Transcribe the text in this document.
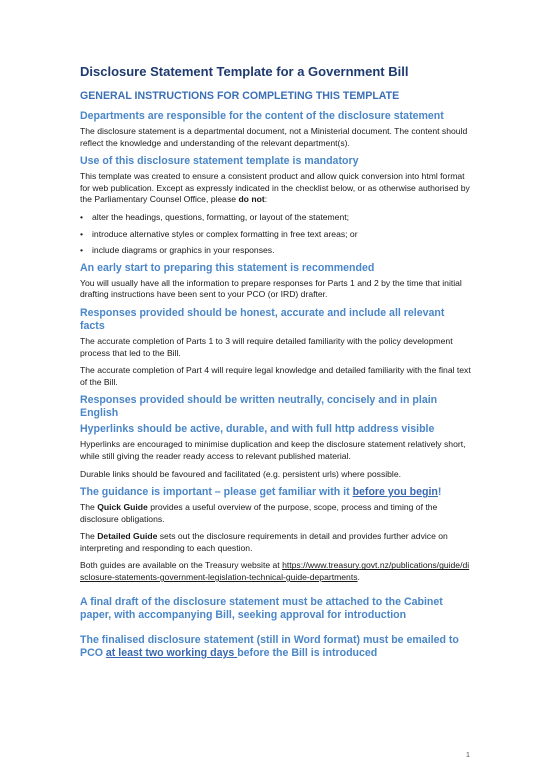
Disclosure Statement Template for a Government Bill
GENERAL INSTRUCTIONS FOR COMPLETING THIS TEMPLATE
Departments are responsible for the content of the disclosure statement

The disclosure statement is a departmental document, not a Ministerial document. The content should reflect the knowledge and understanding of the relevant department(s).

Use of this disclosure statement template is mandatory

This template was created to ensure a consistent product and allow quick conversion into html format for web publication. Except as expressly indicated in the checklist below, or as otherwise authorised by the Parliamentary Counsel Office, please do not:

• alter the headings, questions, formatting, or layout of the statement;
• introduce alternative styles or complex formatting in free text areas; or
• include diagrams or graphics in your responses.
An early start to preparing this statement is recommended

You will usually have all the information to prepare responses for Parts 1 and 2 by the time that initial drafting instructions have been sent to your PCO (or IRD) drafter.

Responses provided should be honest, accurate and include all relevant facts

The accurate completion of Parts 1 to 3 will require detailed familiarity with the policy development process that led to the Bill.

The accurate completion of Part 4 will require legal knowledge and detailed familiarity with the final text of the Bill.

Responses provided should be written neutrally, concisely and in plain English
Hyperlinks should be active, durable, and with full http address visible

Hyperlinks are encouraged to minimise duplication and keep the disclosure statement relatively short, while still giving the reader ready access to relevant published material.

Durable links should be favoured and facilitated (e.g. persistent urls) where possible.

The guidance is important – please get familiar with it before you begin!

The Quick Guide provides a useful overview of the purpose, scope, process and timing of the disclosure obligations.

The Detailed Guide sets out the disclosure requirements in detail and provides further advice on interpreting and responding to each question.

Both guides are available on the Treasury website at https://www.treasury.govt.nz/publications/guide/disclosure-statements-government-legislation-technical-guide-departments.

A final draft of the disclosure statement must be attached to the Cabinet paper, with accompanying Bill, seeking approval for introduction
The finalised disclosure statement (still in Word format) must be emailed to PCO at least two working days before the Bill is introduced
1
